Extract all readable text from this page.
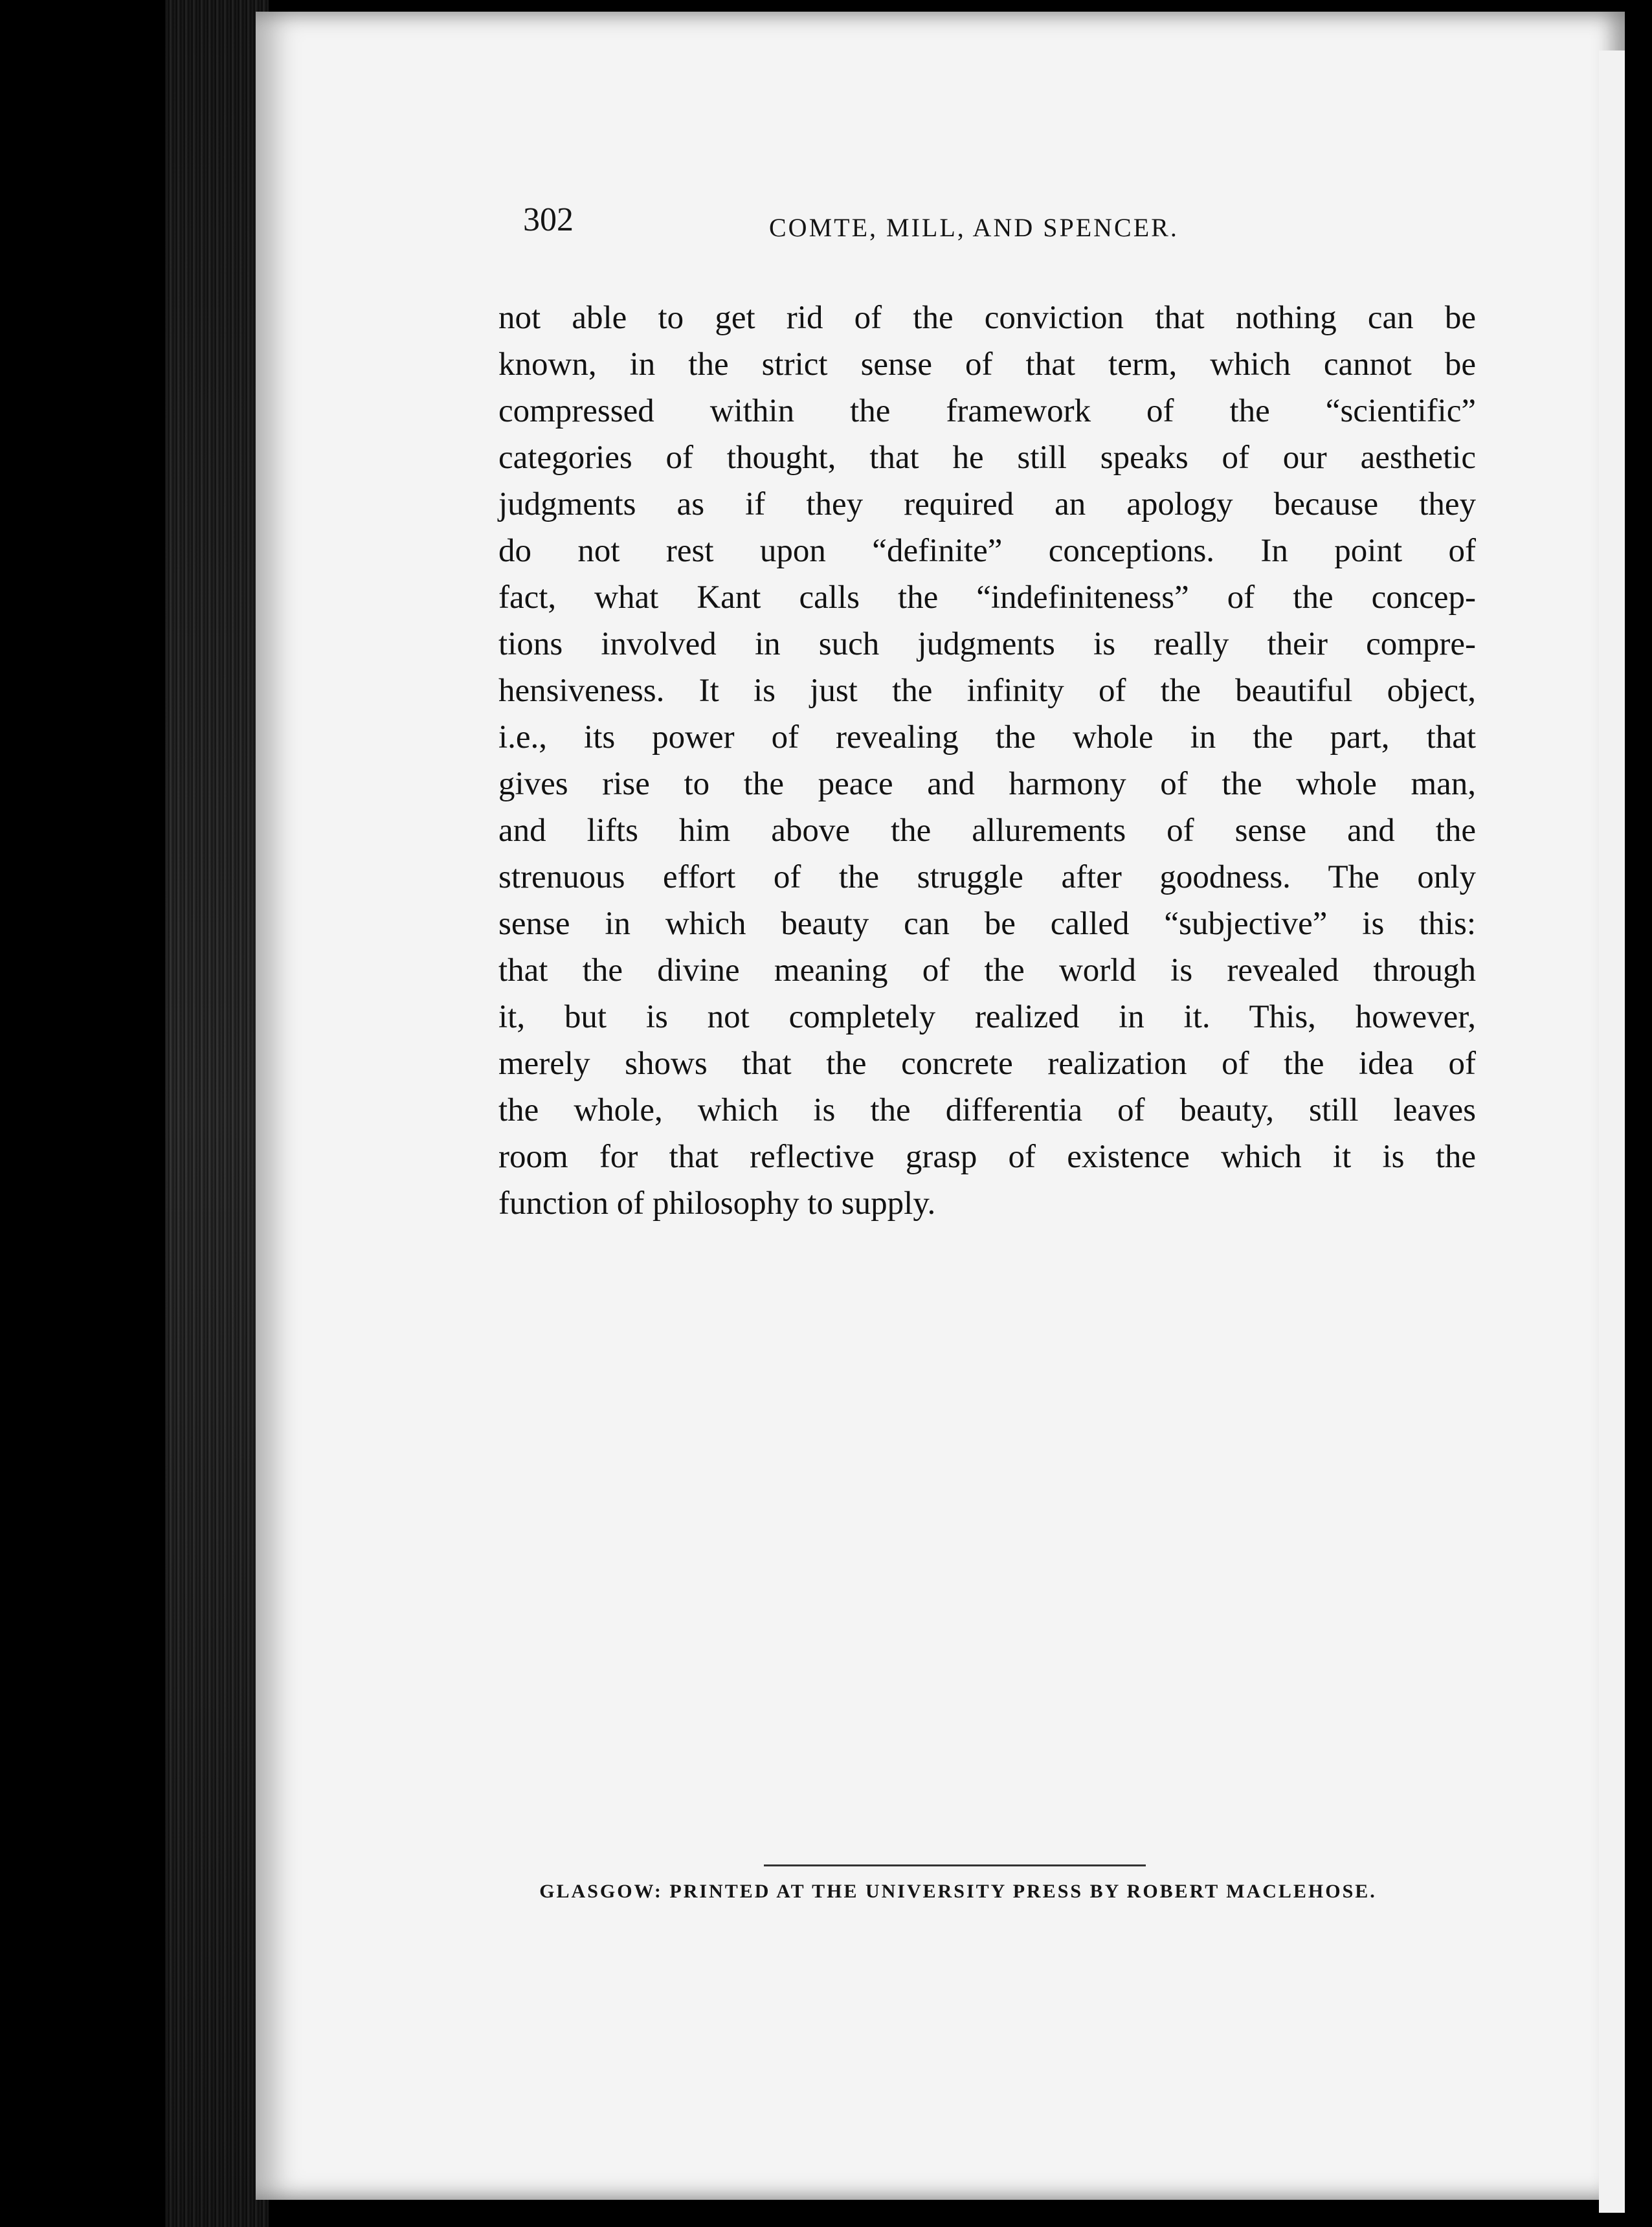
302	COMTE, MILL, AND SPENCER.
not able to get rid of the conviction that nothing can be
known, in the strict sense of that term, which cannot be
compressed within the framework of the “scientific”
categories of thought, that he still speaks of our aesthetic
judgments as if they required an apology because they
do not rest upon “definite” conceptions. In point of
fact, what Kant calls the “indefiniteness” of the concep-
tions involved in such judgments is really their compre-
hensiveness. It is just the infinity of the beautiful object,
i.e., its power of revealing the whole in the part, that
gives rise to the peace and harmony of the whole man,
and lifts him above the allurements of sense and the
strenuous effort of the struggle after goodness. The only
sense in which beauty can be called “subjective” is this:
that the divine meaning of the world is revealed through
it, but is not completely realized in it. This, however,
merely shows that the concrete realization of the idea of
the whole, which is the differentia of beauty, still leaves
room for that reflective grasp of existence which it is the
function of philosophy to supply.
GLASGOW: PRINTED AT THE UNIVERSITY PRESS BY ROBERT MACLEHOSE.
